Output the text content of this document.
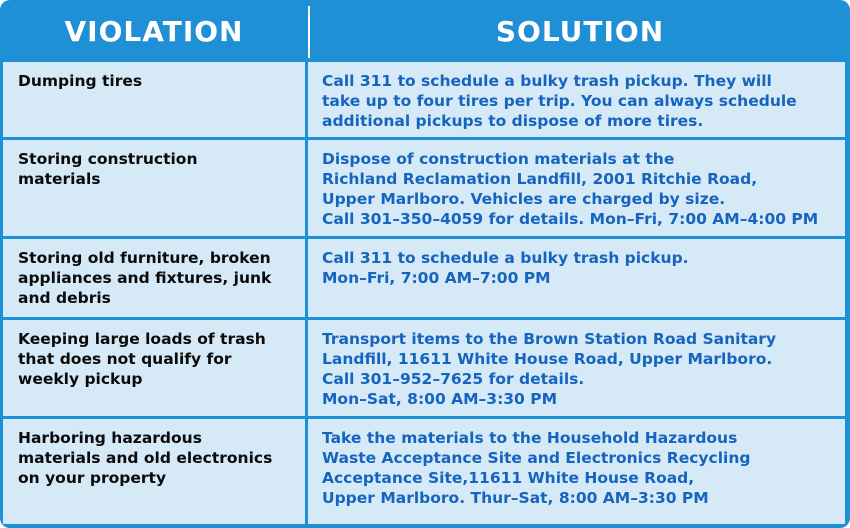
VIOLATION	SOLUTION
Dumping tires	Call 311 to schedule a bulky trash pickup. They will
take up to four tires per trip. You can always schedule
additional pickups to dispose of more tires.
Storing construction
materials
Dispose of construction materials at the
Richland Reclamation Landfill, 2001 Ritchie Road,
Upper Marlboro. Vehicles are charged by size.
Call 301–350–4059 for details. Mon–Fri, 7:00 AM–4:00 PM
Storing old furniture, broken
appliances and fixtures, junk
and debris
Call 311 to schedule a bulky trash pickup.
Mon–Fri, 7:00 AM–7:00 PM
Keeping large loads of trash
that does not qualify for
weekly pickup
Transport items to the Brown Station Road Sanitary
Landfill, 11611 White House Road, Upper Marlboro.
Call 301–952–7625 for details.
Mon–Sat, 8:00 AM–3:30 PM
Harboring hazardous
materials and old electronics
on your property
Take the materials to the Household Hazardous
Waste Acceptance Site and Electronics Recycling
Acceptance Site,11611 White House Road,
Upper Marlboro. Thur–Sat, 8:00 AM–3:30 PM
